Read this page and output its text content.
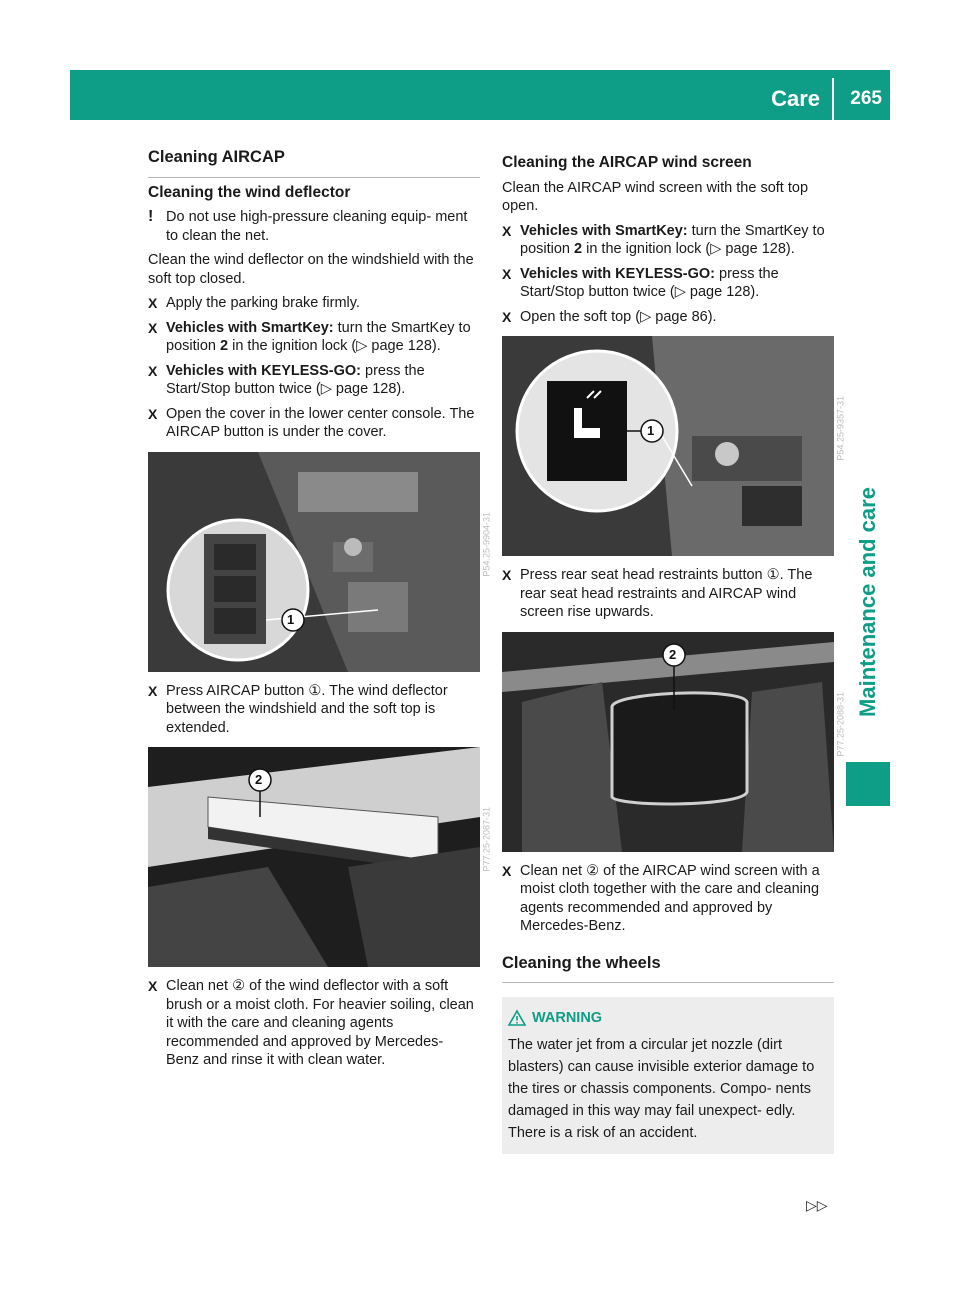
Care 265
Maintenance and care
Cleaning AIRCAP
Cleaning the wind deflector
! Do not use high-pressure cleaning equip- ment to clean the net.
Clean the wind deflector on the windshield with the soft top closed.
X Apply the parking brake firmly.
X Vehicles with SmartKey: turn the SmartKey to position 2 in the ignition lock (▷ page 128).
X Vehicles with KEYLESS-GO: press the Start/Stop button twice (▷ page 128).
X Open the cover in the lower center console. The AIRCAP button is under the cover.
1
P54.25-9904-31
X Press AIRCAP button ①. The wind deflector between the windshield and the soft top is extended.
2
P77.25-2087-31
X Clean net ② of the wind deflector with a soft brush or a moist cloth. For heavier soiling, clean it with the care and cleaning agents recommended and approved by Mercedes- Benz and rinse it with clean water.
Cleaning the AIRCAP wind screen
Clean the AIRCAP wind screen with the soft top open.
X Vehicles with SmartKey: turn the SmartKey to position 2 in the ignition lock (▷ page 128).
X Vehicles with KEYLESS-GO: press the Start/Stop button twice (▷ page 128).
X Open the soft top (▷ page 86).
1	P54.25-9357-31
X Press rear seat head restraints button ①. The rear seat head restraints and AIRCAP wind screen rise upwards.
2
P77.25-2088-31
X Clean net ② of the AIRCAP wind screen with a moist cloth together with the care and cleaning agents recommended and approved by Mercedes-Benz.
Cleaning the wheels
WARNING
The water jet from a circular jet nozzle (dirt blasters) can cause invisible exterior damage to the tires or chassis components. Compo- nents damaged in this way may fail unexpect- edly. There is a risk of an accident.
▷▷
